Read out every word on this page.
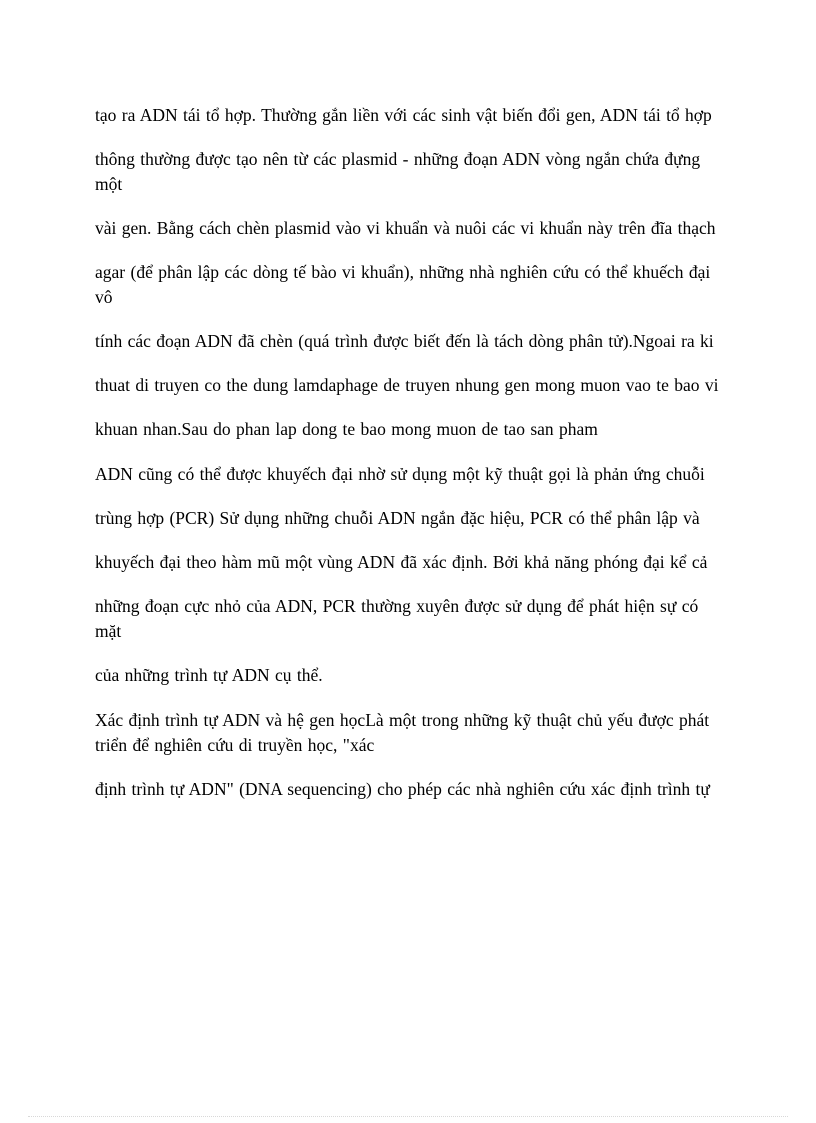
tạo ra ADN tái tổ hợp. Thường gắn liền với các sinh vật biến đổi gen, ADN tái tổ hợp

thông thường được tạo nên từ các plasmid - những đoạn ADN vòng ngắn chứa đựng một

vài gen. Bằng cách chèn plasmid vào vi khuẩn và nuôi các vi khuẩn này trên đĩa thạch

agar (để phân lập các dòng tế bào vi khuẩn), những nhà nghiên cứu có thể khuếch đại vô

tính các đoạn ADN đã chèn (quá trình được biết đến là tách dòng phân tử).Ngoai ra ki

thuat di truyen co the dung lamdaphage de truyen nhung gen mong muon vao te bao vi

khuan nhan.Sau do phan lap dong te bao mong muon de tao san pham

ADN cũng có thể được khuyếch đại nhờ sử dụng một kỹ thuật gọi là phản ứng chuỗi

trùng hợp (PCR) Sử dụng những chuỗi ADN ngắn đặc hiệu, PCR có thể phân lập và

khuyếch đại theo hàm mũ một vùng ADN đã xác định. Bởi khả năng phóng đại kể cả

những đoạn cực nhỏ của ADN, PCR thường xuyên được sử dụng để phát hiện sự có mặt

của những trình tự ADN cụ thể.

Xác định trình tự ADN và hệ gen họcLà một trong những kỹ thuật chủ yếu được phát triển để nghiên cứu di truyền học, "xác

định trình tự ADN" (DNA sequencing) cho phép các nhà nghiên cứu xác định trình tự
